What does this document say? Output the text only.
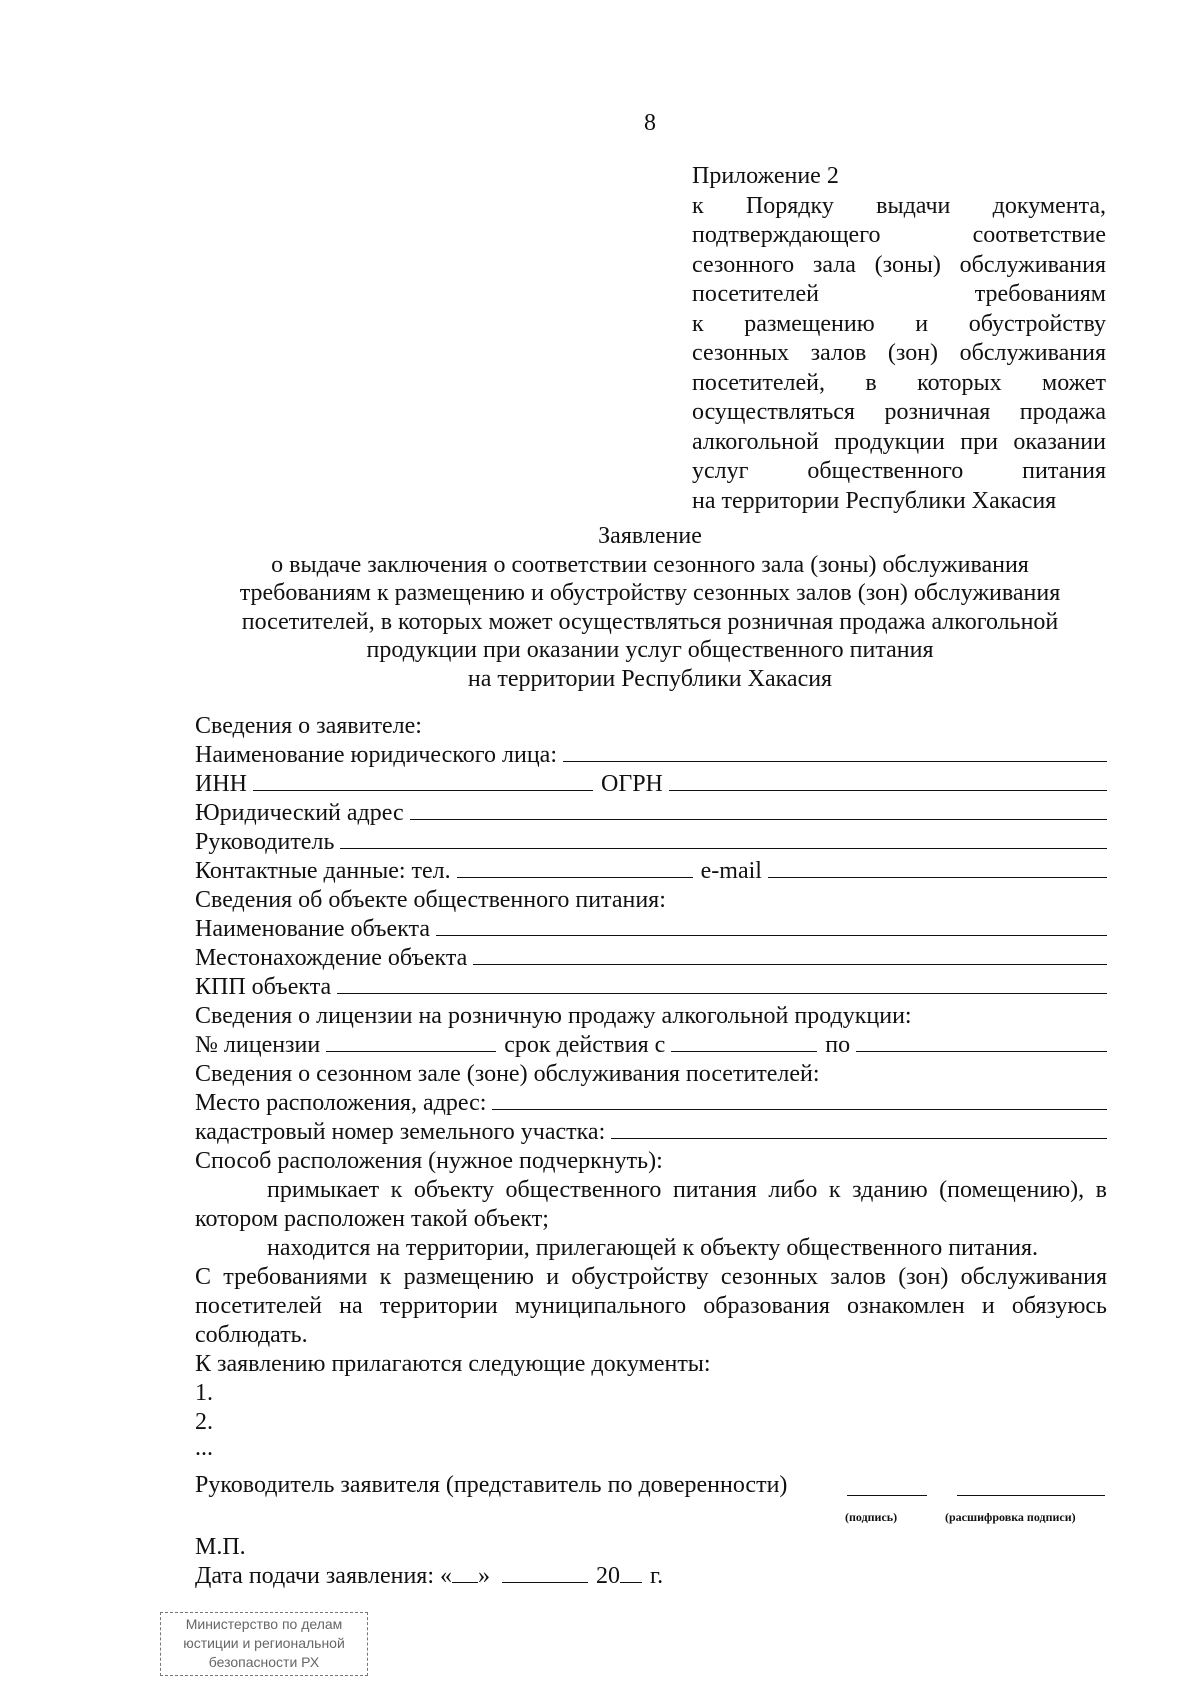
8
Приложение 2
к Порядку выдачи документа,
подтверждающего соответствие
сезонного зала (зоны) обслуживания
посетителей требованиям
к размещению и обустройству
сезонных залов (зон) обслуживания
посетителей, в которых может
осуществляться розничная продажа
алкогольной продукции при оказании
услуг общественного питания
на территории Республики Хакасия
Заявление
о выдаче заключения о соответствии сезонного зала (зоны) обслуживания
требованиям к размещению и обустройству сезонных залов (зон) обслуживания
посетителей, в которых может осуществляться розничная продажа алкогольной
продукции при оказании услуг общественного питания
на территории Республики Хакасия
Сведения о заявителе:
Наименование юридического лица:
ИНН	ОГРН
Юридический адрес
Руководитель
Контактные данные: тел.	e-mail
Сведения об объекте общественного питания:
Наименование объекта
Местонахождение объекта
КПП объекта
Сведения о лицензии на розничную продажу алкогольной продукции:
№ лицензии	срок действия с	по
Сведения о сезонном зале (зоне) обслуживания посетителей:
Место расположения, адрес:
кадастровый номер земельного участка:
Способ расположения (нужное подчеркнуть):
примыкает к объекту общественного питания либо к зданию (помещению), в
котором расположен такой объект;
находится на территории, прилегающей к объекту общественного питания.
С требованиями к размещению и обустройству сезонных залов (зон) обслуживания
посетителей на территории муниципального образования ознакомлен и обязуюсь
соблюдать.
К заявлению прилагаются следующие документы:
1.
2.
...
Руководитель заявителя (представитель по доверенности)
(подпись)	(расшифровка подписи)
М.П.
Дата подачи заявления: « »	20 г.
Министерство по делам
юстиции и региональной
безопасности РХ
